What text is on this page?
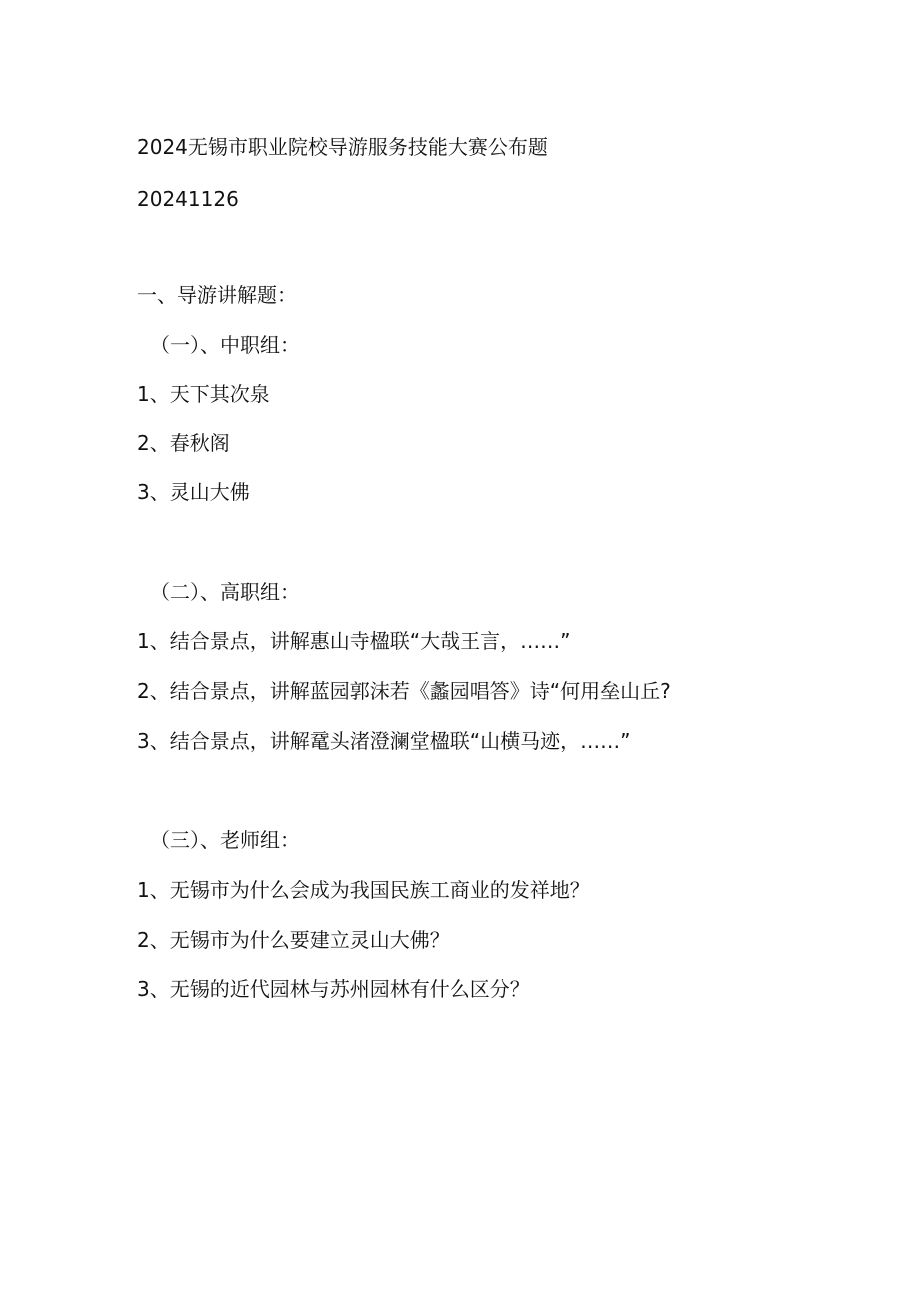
2024无锡市职业院校导游服务技能大赛公布题
20241126
一、导游讲解题：
（一）、中职组：
1、天下其次泉
2、春秋阁
3、灵山大佛
（二）、高职组：
1、结合景点，讲解惠山寺楹联“大哉王言，……”
2、结合景点，讲解蓝园郭沫若《蠡园唱答》诗“何用垒山丘?
3、结合景点，讲解鼋头渚澄澜堂楹联“山横马迹，……”
（三）、老师组：
1、无锡市为什么会成为我国民族工商业的发祥地？
2、无锡市为什么要建立灵山大佛？
3、无锡的近代园林与苏州园林有什么区分？
